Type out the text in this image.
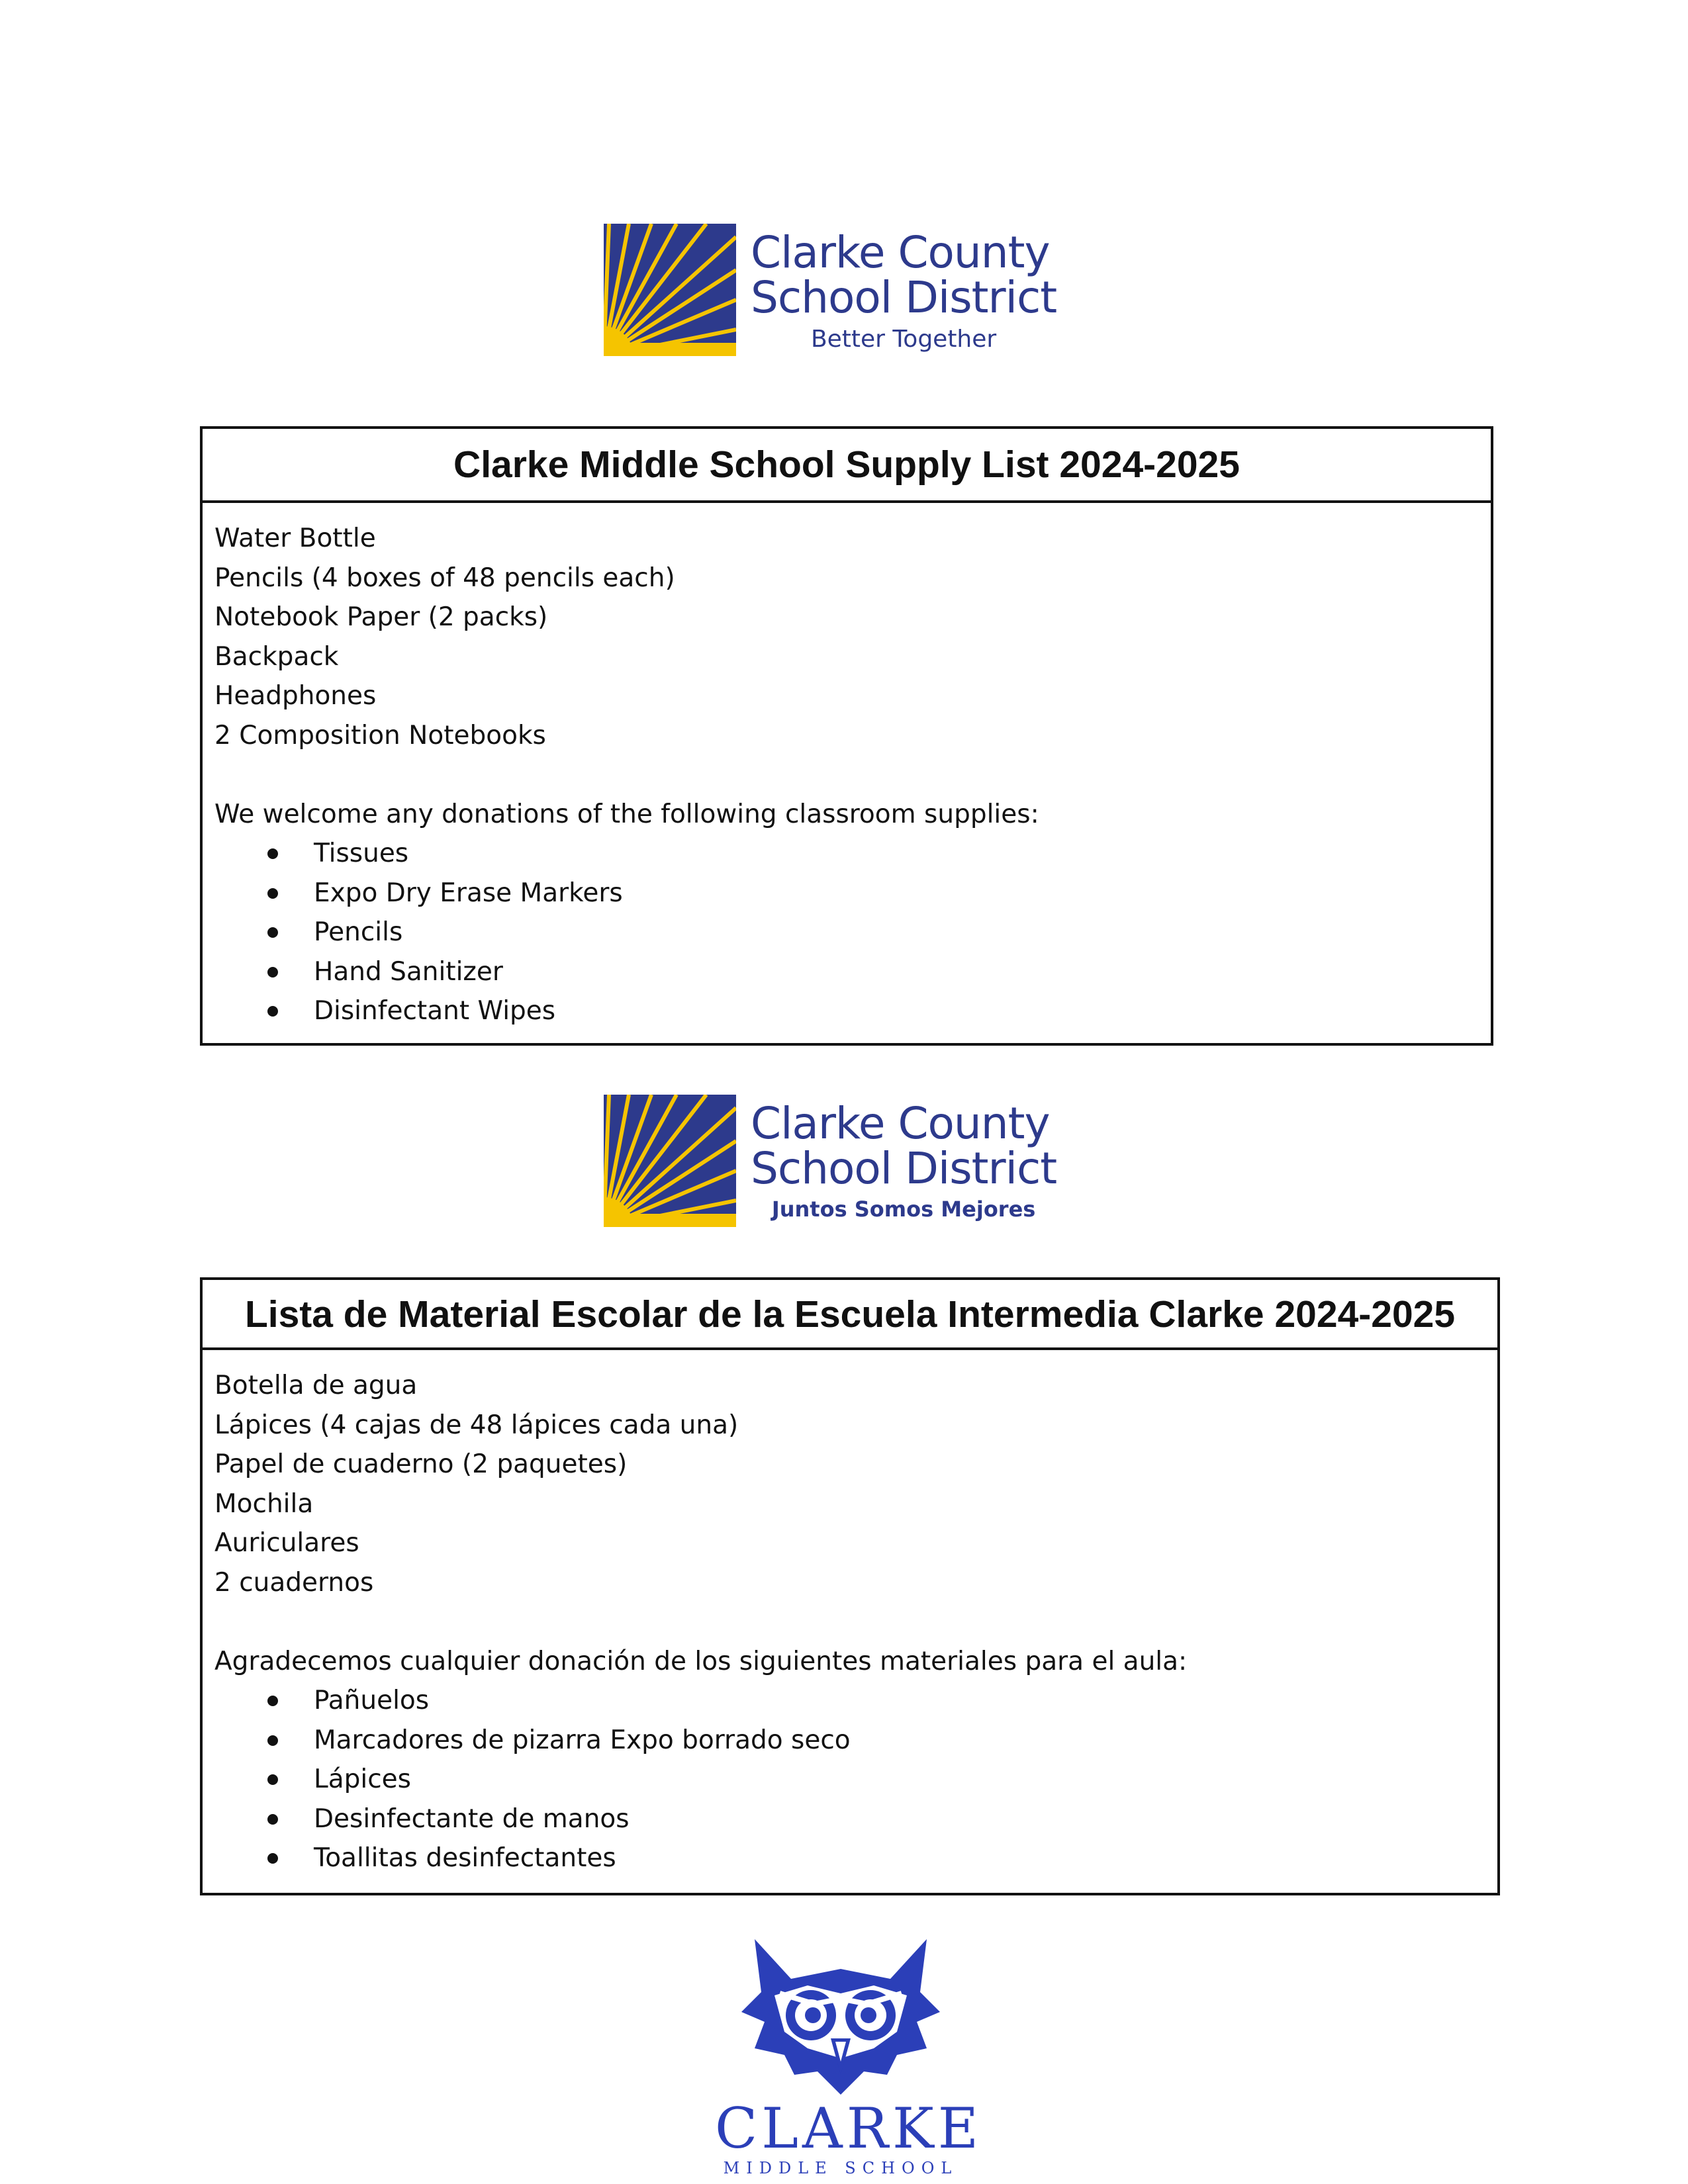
Clarke County
School District
Better Together
Clarke Middle School Supply List 2024-2025
Water Bottle
Pencils (4 boxes of 48 pencils each)
Notebook Paper (2 packs)
Backpack
Headphones
2 Composition Notebooks
We welcome any donations of the following classroom supplies:
Tissues
Expo Dry Erase Markers
Pencils
Hand Sanitizer
Disinfectant Wipes
Clarke County
School District
Juntos Somos Mejores
Lista de Material Escolar de la Escuela Intermedia Clarke 2024-2025
Botella de agua
Lápices (4 cajas de 48 lápices cada una)
Papel de cuaderno (2 paquetes)
Mochila
Auriculares
2 cuadernos
Agradecemos cualquier donación de los siguientes materiales para el aula:
Pañuelos
Marcadores de pizarra Expo borrado seco
Lápices
Desinfectante de manos
Toallitas desinfectantes
CLARKE
MIDDLE SCHOOL
